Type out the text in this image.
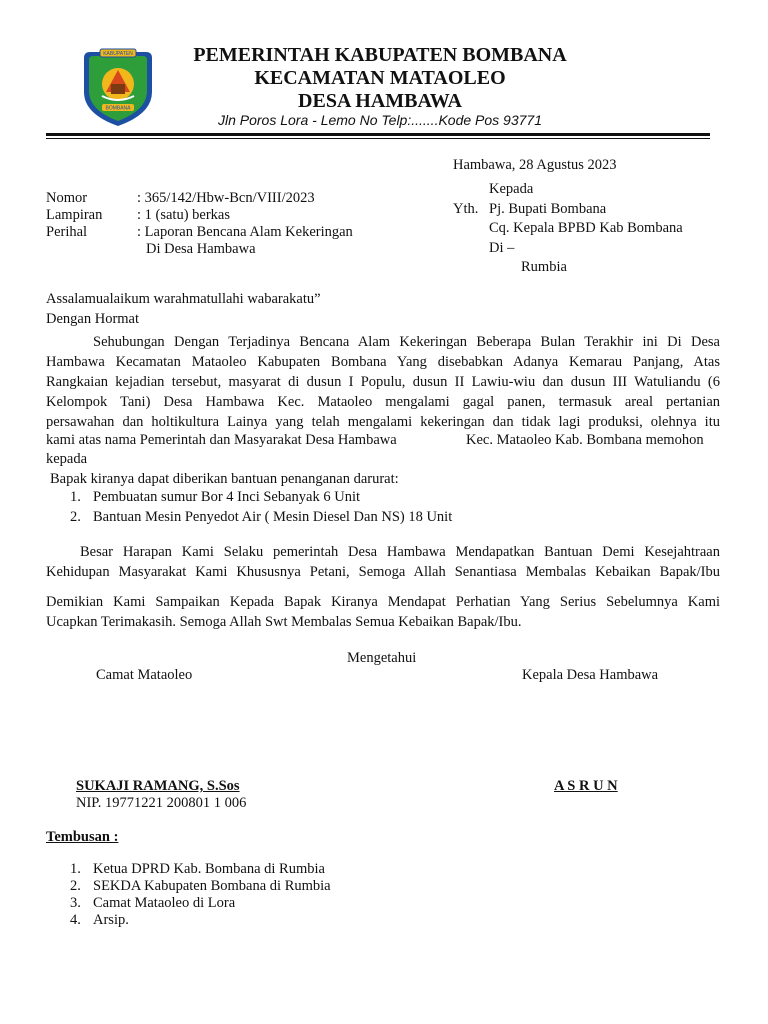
KABUPATEN
BOMBANA
PEMERINTAH KABUPATEN BOMBANA
KECAMATAN MATAOLEO
DESA HAMBAWA
Jln Poros Lora - Lemo No Telp:.......Kode Pos 93771
Hambawa, 28 Agustus 2023
Nomor	: 365/142/Hbw-Bcn/VIII/2023
Lampiran : 1 (satu) berkas
Perihal	: Laporan Bencana Alam Kekeringan
Di Desa Hambawa
Kepada
Yth. Pj. Bupati Bombana
Cq. Kepala BPBD Kab Bombana
Di –
Rumbia
Assalamualaikum warahmatullahi wabarakatu”
Dengan Hormat
Sehubungan Dengan Terjadinya Bencana Alam Kekeringan Beberapa Bulan Terakhir ini Di Desa
Hambawa Kecamatan Mataoleo Kabupaten Bombana Yang disebabkan Adanya Kemarau Panjang, Atas
Rangkaian kejadian tersebut, masyarat di dusun I Populu, dusun II Lawiu-wiu dan dusun III Watuliandu (6
Kelompok Tani) Desa Hambawa Kec. Mataoleo mengalami gagal panen, termasuk areal pertanian
persawahan dan holtikultura Lainya yang telah mengalami kekeringan dan tidak lagi produksi, olehnya itu
kami atas nama Pemerintah dan Masyarakat Desa Hambawa	Kec. Mataoleo Kab. Bombana memohon
kepada
Bapak kiranya dapat diberikan bantuan penanganan darurat:
1. Pembuatan sumur Bor 4 Inci Sebanyak 6 Unit
2. Bantuan Mesin Penyedot Air ( Mesin Diesel Dan NS) 18 Unit
Besar Harapan Kami Selaku pemerintah Desa Hambawa Mendapatkan Bantuan Demi Kesejahtraan
Kehidupan Masyarakat Kami Khususnya Petani, Semoga Allah Senantiasa Membalas Kebaikan Bapak/Ibu
Demikian Kami Sampaikan Kepada Bapak Kiranya Mendapat Perhatian Yang Serius Sebelumnya Kami
Ucapkan Terimakasih. Semoga Allah Swt Membalas Semua Kebaikan Bapak/Ibu.
Mengetahui
Camat Mataoleo	Kepala Desa Hambawa
SUKAJI RAMANG, S.Sos
NIP. 19771221 200801 1 006
A S R U N
Tembusan :
1. Ketua DPRD Kab. Bombana di Rumbia
2. SEKDA Kabupaten Bombana di Rumbia
3. Camat Mataoleo di Lora
4. Arsip.
